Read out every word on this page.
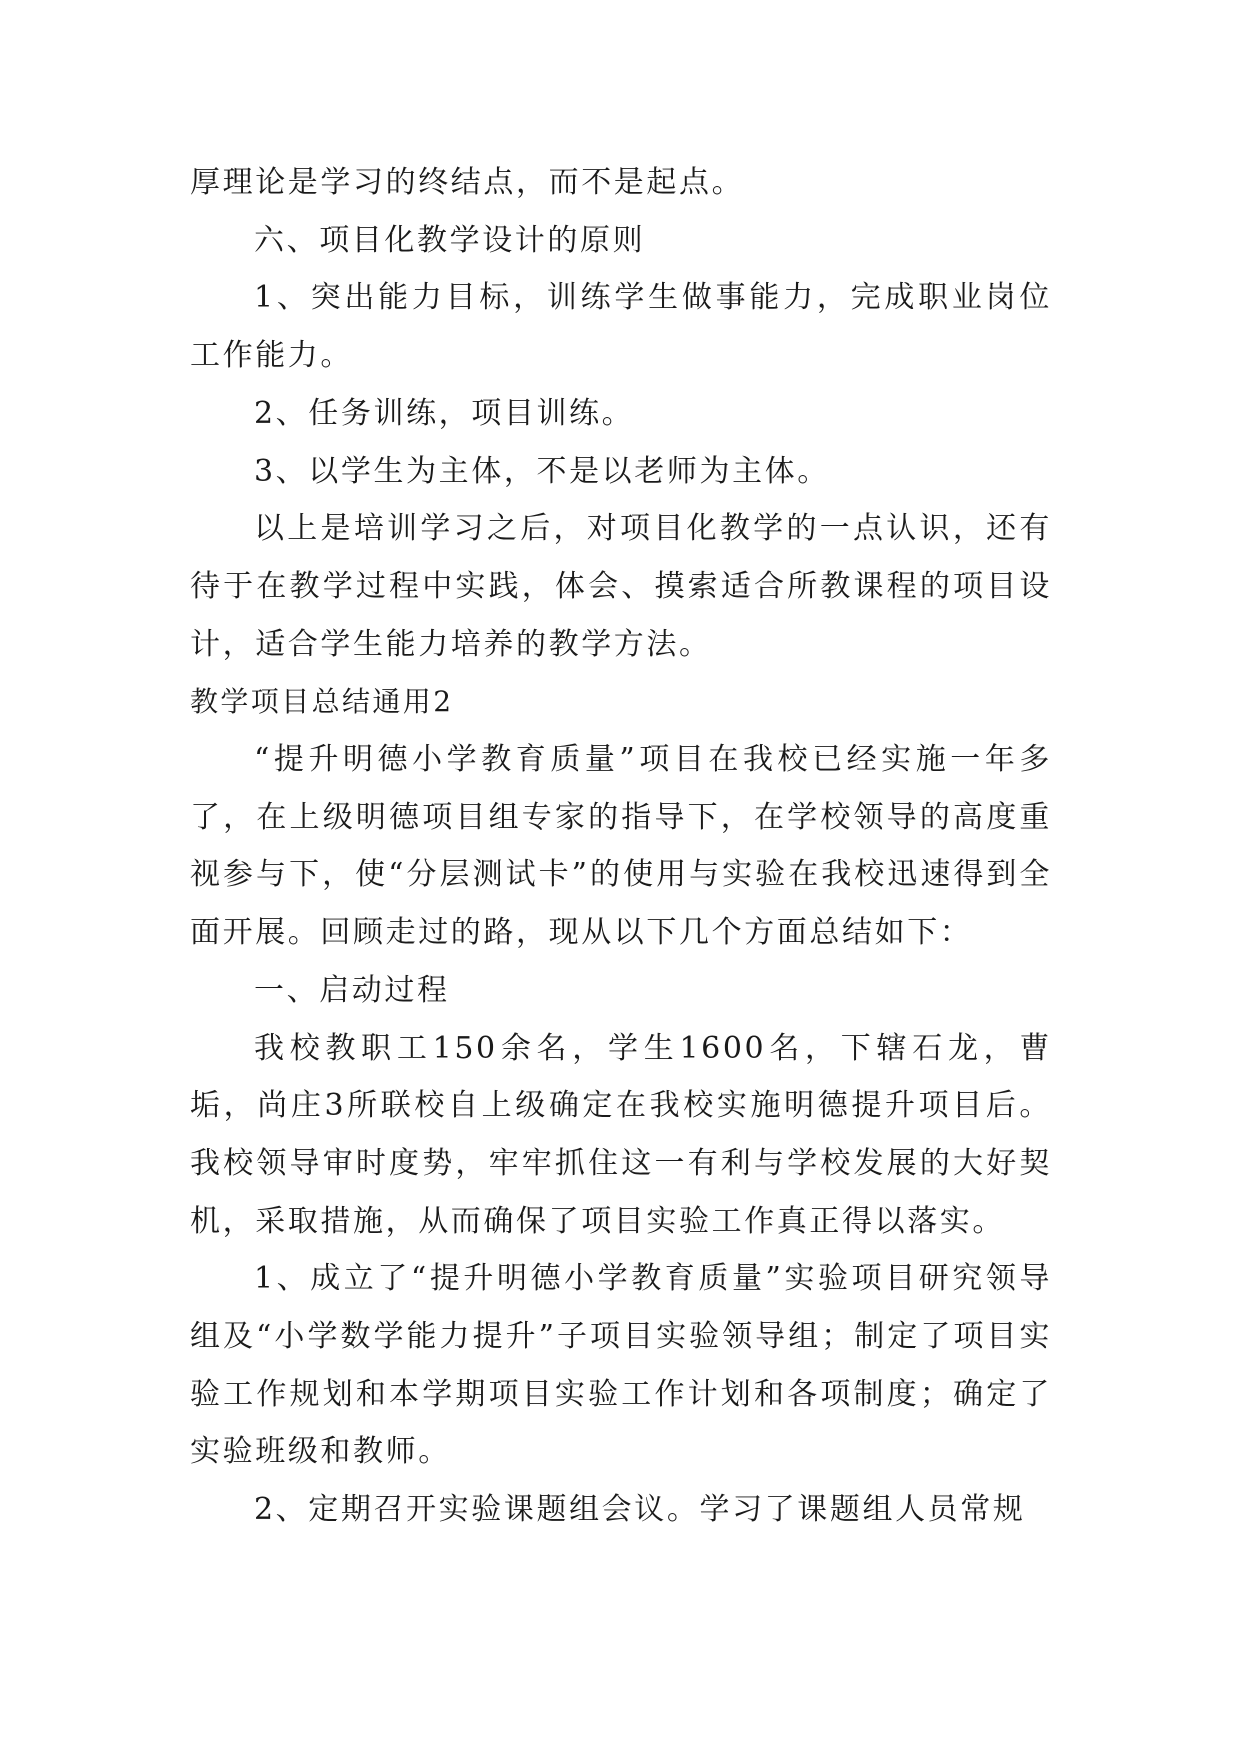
厚理论是学习的终结点，而不是起点。

六、项目化教学设计的原则

1、突出能力目标，训练学生做事能力，完成职业岗位工作能力。

2、任务训练，项目训练。

3、以学生为主体，不是以老师为主体。

以上是培训学习之后，对项目化教学的一点认识，还有待于在教学过程中实践，体会、摸索适合所教课程的项目设计，适合学生能力培养的教学方法。

教学项目总结通用2

“提升明德小学教育质量”项目在我校已经实施一年多了，在上级明德项目组专家的指导下，在学校领导的高度重视参与下，使“分层测试卡”的使用与实验在我校迅速得到全面开展。回顾走过的路，现从以下几个方面总结如下：

一、启动过程

我校教职工150余名，学生1600名，下辖石龙，曹垢，尚庄3所联校自上级确定在我校实施明德提升项目后。我校领导审时度势，牢牢抓住这一有利与学校发展的大好契机，采取措施，从而确保了项目实验工作真正得以落实。

1、成立了“提升明德小学教育质量”实验项目研究领导组及“小学数学能力提升”子项目实验领导组；制定了项目实验工作规划和本学期项目实验工作计划和各项制度；确定了实验班级和教师。

2、定期召开实验课题组会议。学习了课题组人员常规
